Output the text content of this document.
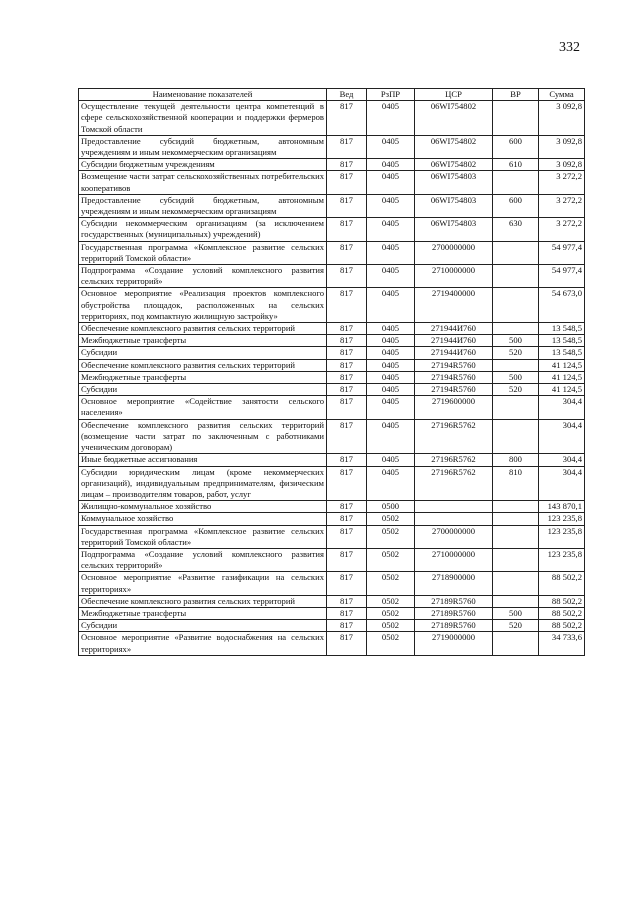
332
Наименование показателей	Вед	РзПР	ЦСР	ВР	Сумма
Осуществление текущей деятельности центра компетенций в сфере сельскохозяйственной кооперации и поддержки фермеров Томской области	817	0405	06WI754802		3 092,8
Предоставление субсидий бюджетным, автономным учреждениям и иным некоммерческим организациям	817	0405	06WI754802	600	3 092,8
Субсидии бюджетным учреждениям	817	0405	06WI754802	610	3 092,8
Возмещение части затрат сельскохозяйственных потребительских кооперативов	817	0405	06WI754803		3 272,2
Предоставление субсидий бюджетным, автономным учреждениям и иным некоммерческим организациям	817	0405	06WI754803	600	3 272,2
Субсидии некоммерческим организациям (за исключением государственных (муниципальных) учреждений)	817	0405	06WI754803	630	3 272,2
Государственная программа «Комплексное развитие сельских территорий Томской области»	817	0405	2700000000		54 977,4
Подпрограмма «Создание условий комплексного развития сельских территорий»	817	0405	2710000000		54 977,4
Основное мероприятие «Реализация проектов комплексного обустройства площадок, расположенных на сельских территориях, под компактную жилищную застройку»	817	0405	2719400000		54 673,0
Обеспечение комплексного развития сельских территорий	817	0405	271944И760		13 548,5
Межбюджетные трансферты	817	0405	271944И760	500	13 548,5
Субсидии	817	0405	271944И760	520	13 548,5
Обеспечение комплексного развития сельских территорий	817	0405	27194R5760		41 124,5
Межбюджетные трансферты	817	0405	27194R5760	500	41 124,5
Субсидии	817	0405	27194R5760	520	41 124,5
Основное мероприятие «Содействие занятости сельского населения»	817	0405	2719600000		304,4
Обеспечение комплексного развития сельских территорий (возмещение части затрат по заключенным с работниками ученическим договорам)	817	0405	27196R5762		304,4
Иные бюджетные ассигнования	817	0405	27196R5762	800	304,4
Субсидии юридическим лицам (кроме некоммерческих организаций), индивидуальным предпринимателям, физическим лицам – производителям товаров, работ, услуг	817	0405	27196R5762	810	304,4
Жилищно-коммунальное хозяйство	817	0500			143 870,1
Коммунальное хозяйство	817	0502			123 235,8
Государственная программа «Комплексное развитие сельских территорий Томской области»	817	0502	2700000000		123 235,8
Подпрограмма «Создание условий комплексного развития сельских территорий»	817	0502	2710000000		123 235,8
Основное мероприятие «Развитие газификации на сельских территориях»	817	0502	2718900000		88 502,2
Обеспечение комплексного развития сельских территорий	817	0502	27189R5760		88 502,2
Межбюджетные трансферты	817	0502	27189R5760	500	88 502,2
Субсидии	817	0502	27189R5760	520	88 502,2
Основное мероприятие «Развитие водоснабжения на сельских территориях»	817	0502	2719000000		34 733,6
